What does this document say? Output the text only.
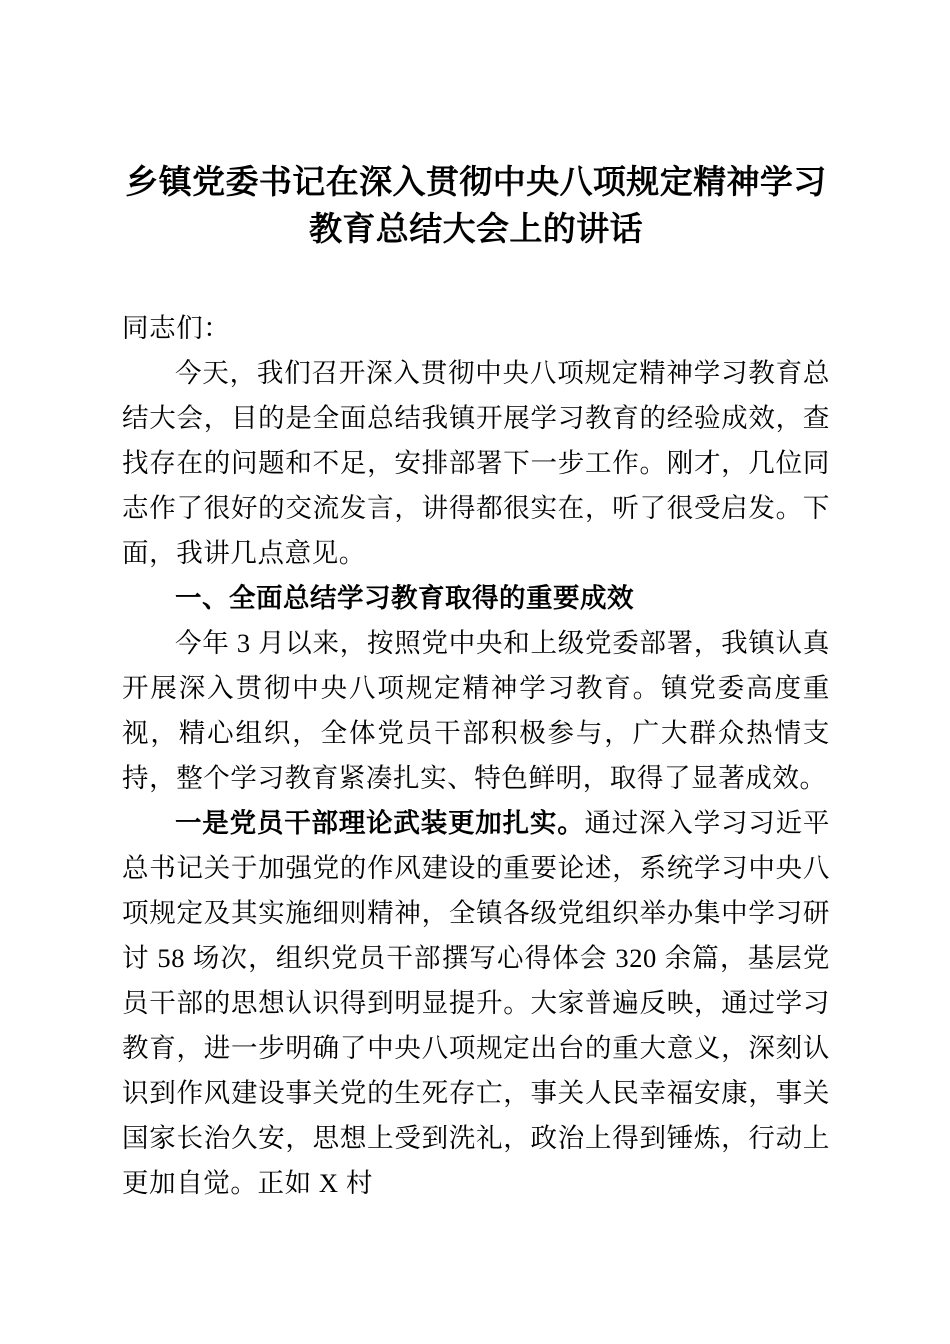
乡镇党委书记在深入贯彻中央八项规定精神学习教育总结大会上的讲话

同志们：

今天，我们召开深入贯彻中央八项规定精神学习教育总结大会，目的是全面总结我镇开展学习教育的经验成效，查找存在的问题和不足，安排部署下一步工作。刚才，几位同志作了很好的交流发言，讲得都很实在，听了很受启发。下面，我讲几点意见。

一、全面总结学习教育取得的重要成效

今年 3 月以来，按照党中央和上级党委部署，我镇认真开展深入贯彻中央八项规定精神学习教育。镇党委高度重视，精心组织，全体党员干部积极参与，广大群众热情支持，整个学习教育紧凑扎实、特色鲜明，取得了显著成效。

一是党员干部理论武装更加扎实。通过深入学习习近平总书记关于加强党的作风建设的重要论述，系统学习中央八项规定及其实施细则精神，全镇各级党组织举办集中学习研讨 58 场次，组织党员干部撰写心得体会 320 余篇，基层党员干部的思想认识得到明显提升。大家普遍反映，通过学习教育，进一步明确了中央八项规定出台的重大意义，深刻认识到作风建设事关党的生死存亡，事关人民幸福安康，事关国家长治久安，思想上受到洗礼，政治上得到锤炼，行动上更加自觉。正如 X 村
